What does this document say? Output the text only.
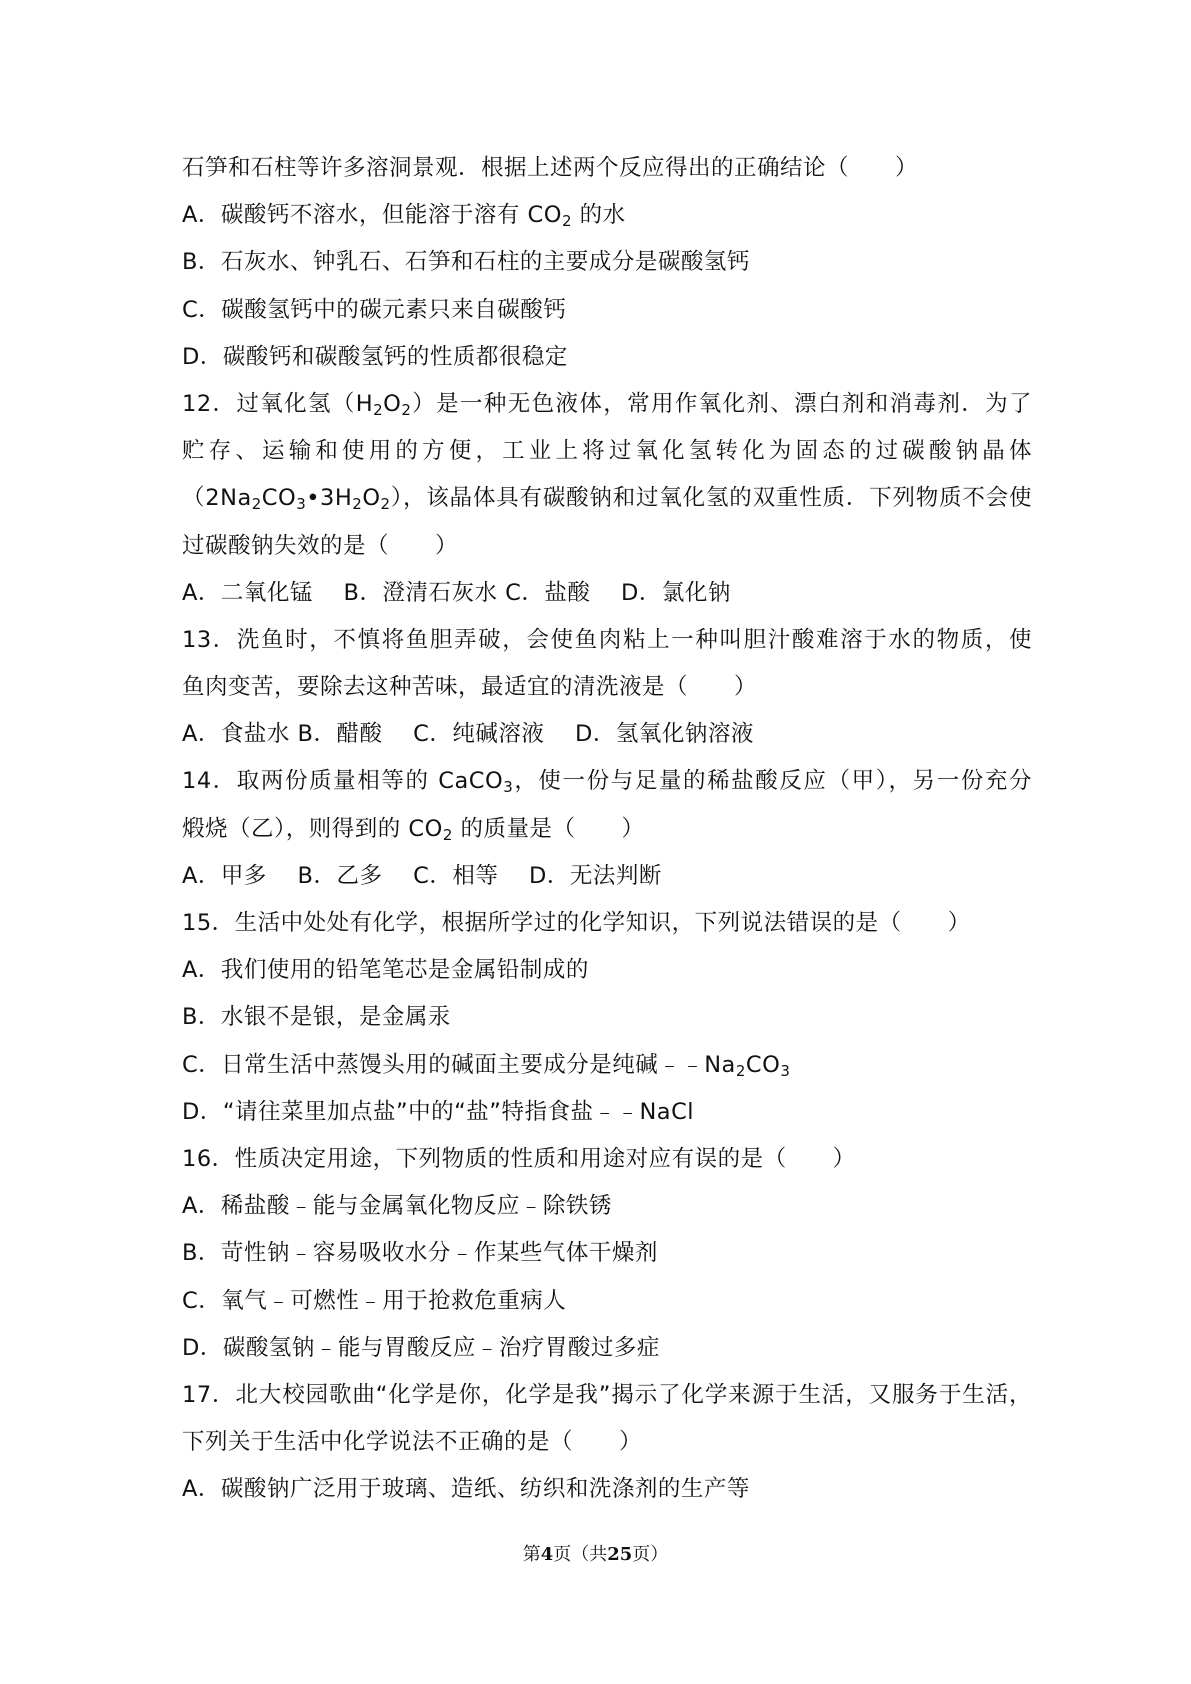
石笋和石柱等许多溶洞景观．根据上述两个反应得出的正确结论（　　）
A．碳酸钙不溶水，但能溶于溶有 $CO_2$ 的水
B．石灰水、钟乳石、石笋和石柱的主要成分是碳酸氢钙
C．碳酸氢钙中的碳元素只来自碳酸钙
D．碳酸钙和碳酸氢钙的性质都很稳定
12．过氧化氢$(H_2O_2)$是一种无色液体，常用作氧化剂、漂白剂和消毒剂．为了
贮存、运输和使用的方便，工业上将过氧化氢转化为固态的过碳酸钠晶体
$(2Na_2CO_3•3H_2O_2)$，该晶体具有碳酸钠和过氧化氢的双重性质．下列物质不会使
过碳酸钠失效的是（　　）
A．二氧化锰　 B．澄清石灰水 C．盐酸　 D．氯化钠
13．洗鱼时，不慎将鱼胆弄破，会使鱼肉粘上一种叫胆汁酸难溶于水的物质，使
鱼肉变苦，要除去这种苦味，最适宜的清洗液是（　　）
A．食盐水 B．醋酸　 C．纯碱溶液　 D．氢氧化钠溶液
14．取两份质量相等的 CaCO$_3$，使一份与足量的稀盐酸反应（甲），另一份充分
煅烧（乙），则得到的 $CO_2$ 的质量是（　　）
A．甲多　 B．乙多　 C．相等　 D．无法判断
15．生活中处处有化学，根据所学过的化学知识，下列说法错误的是（　　）
A．我们使用的铅笔笔芯是金属铅制成的
B．水银不是银，是金属汞
C．日常生活中蒸馒头用的碱面主要成分是纯碱$﹣﹣Na_2CO_3$
D．“请往菜里加点盐”中的“盐”特指食盐﹣﹣NaCl
16．性质决定用途，下列物质的性质和用途对应有误的是（　　）
A．稀盐酸﹣能与金属氧化物反应﹣除铁锈
B．苛性钠﹣容易吸收水分﹣作某些气体干燥剂
C．氧气﹣可燃性﹣用于抢救危重病人
D．碳酸氢钠﹣能与胃酸反应﹣治疗胃酸过多症
17．北大校园歌曲“化学是你，化学是我”揭示了化学来源于生活，又服务于生活，
下列关于生活中化学说法不正确的是（　　）
A．碳酸钠广泛用于玻璃、造纸、纺织和洗涤剂的生产等
第4页（共25页）
